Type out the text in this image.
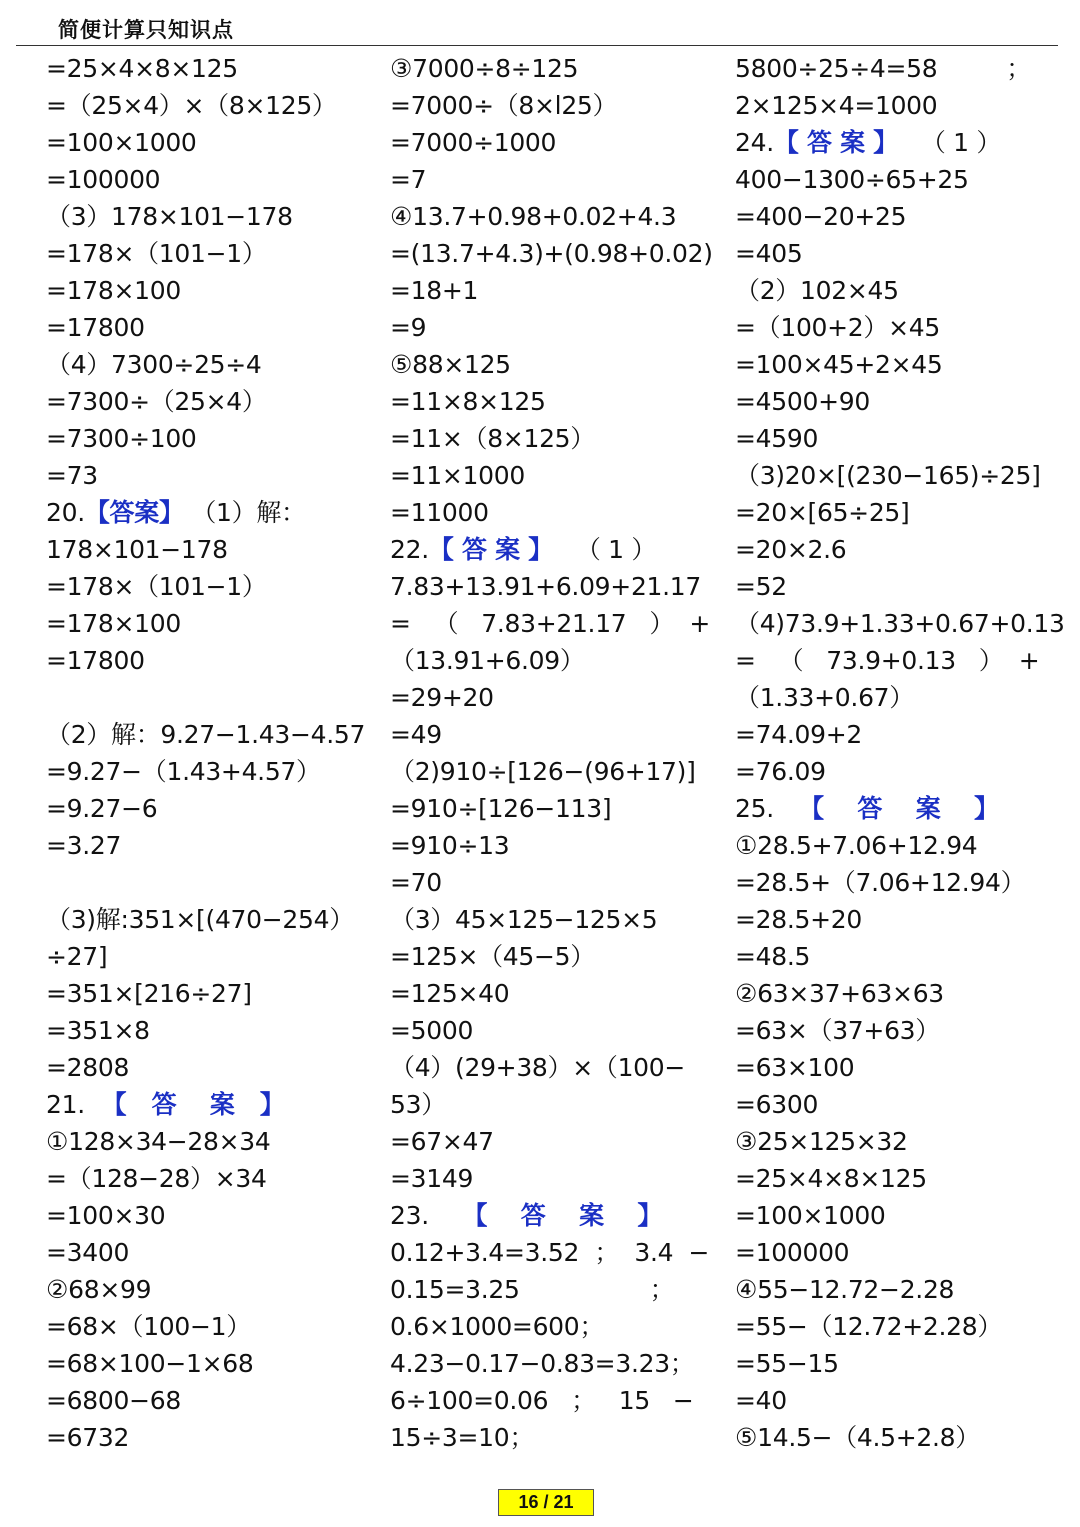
简便计算只知识点
=25×4×8×125
=（25×4）×（8×125）
=100×1000
=100000
（3）178×101−178
=178×（101−1）
=178×100
=17800
（4）7300÷25÷4
=7300÷（25×4）
=7300÷100
=73
20.【答案】 （1）解：
178×101−178
=178×（101−1）
=178×100
=17800
（2）解：9.27−1.43−4.57
=9.27−（1.43+4.57）
=9.27−6
=3.27
（3)解:351×[(470−254）
÷27]
=351×[216÷27]
=351×8
=2808
21.  【   答    案   】
①128×34−28×34
=（128−28）×34
=100×30
=3400
②68×99
=68×（100−1）
=68×100−1×68
=6800−68
=6732
③7000÷8÷125
=7000÷（8×l25）
=7000÷1000
=7
④13.7+0.98+0.02+4.3
=(13.7+4.3)+(0.98+0.02)
=18+1
=9
⑤88×125
=11×8×125
=11×（8×125）
=11×1000
=11000
22.【 答 案 】   （ 1 ）
7.83+13.91+6.09+21.17
=   （   7.83+21.17   ）  +
（13.91+6.09）
=29+20
=49
（2)910÷[126−(96+17)]
=910÷[126−113]
=910÷13
=70
（3）45×125−125×5
=125×（45−5）
=125×40
=5000
（4）(29+38）×（100−
53）
=67×47
=3149
23.    【    答    案    】
0.12+3.4=3.52  ；  3.4  −
0.15=3.25                 ；
0.6×1000=600；
4.23−0.17−0.83=3.23；
6÷100=0.06   ；   15   −
15÷3=10；
5800÷25÷4=58         ；
2×125×4=1000
24.【 答 案 】   （ 1 ）
400−1300÷65+25
=400−20+25
=405
（2）102×45
=（100+2）×45
=100×45+2×45
=4500+90
=4590
（3)20×[(230−165)÷25]
=20×[65÷25]
=20×2.6
=52
（4)73.9+1.33+0.67+0.13
=   （   73.9+0.13   ）  +
（1.33+0.67）
=74.09+2
=76.09
25.   【    答    案    】
①28.5+7.06+12.94
=28.5+（7.06+12.94）
=28.5+20
=48.5
②63×37+63×63
=63×（37+63）
=63×100
=6300
③25×125×32
=25×4×8×125
=100×1000
=100000
④55−12.72−2.28
=55−（12.72+2.28）
=55−15
=40
⑤14.5−（4.5+2.8）
16 / 21
